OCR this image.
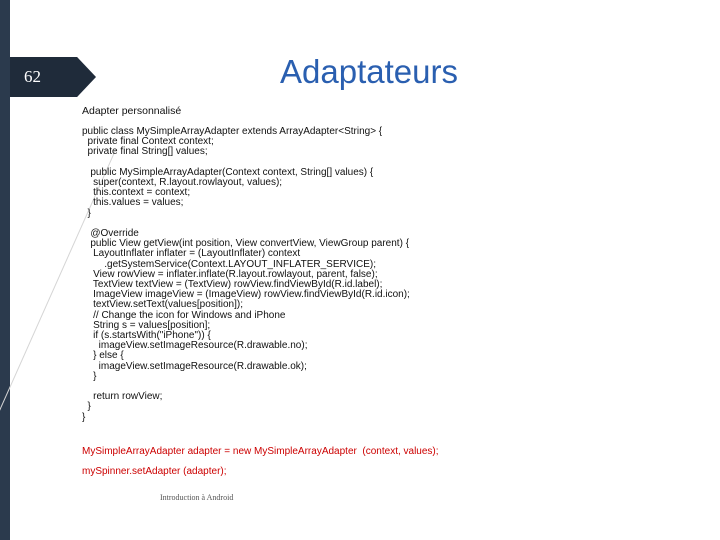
62	Adaptateurs
Adapter personnalisé
public class MySimpleArrayAdapter extends ArrayAdapter<String> {
private final Context context;
private final String[] values;

public MySimpleArrayAdapter(Context context, String[] values) {
super(context, R.layout.rowlayout, values);
this.context = context;
this.values = values;
}

@Override
public View getView(int position, View convertView, ViewGroup parent) {
LayoutInflater inflater = (LayoutInflater) context
.getSystemService(Context.LAYOUT_INFLATER_SERVICE);
View rowView = inflater.inflate(R.layout.rowlayout, parent, false);
TextView textView = (TextView) rowView.findViewById(R.id.label);
ImageView imageView = (ImageView) rowView.findViewById(R.id.icon);
textView.setText(values[position]);
// Change the icon for Windows and iPhone
String s = values[position];
if (s.startsWith("iPhone")) {
imageView.setImageResource(R.drawable.no);
} else {
imageView.setImageResource(R.drawable.ok);
}

return rowView;
}
}

MySimpleArrayAdapter adapter = new MySimpleArrayAdapter  (context, values);
mySpinner.setAdapter (adapter);
Introduction à Android
